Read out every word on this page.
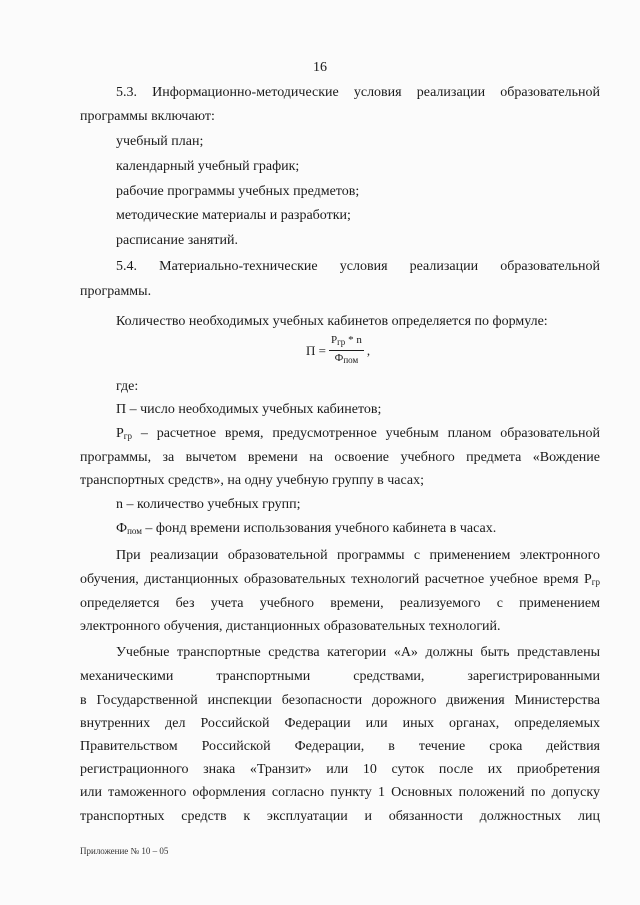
16
5.3. Информационно-методические условия реализации образовательной
программы включают:
учебный план;
календарный учебный график;
рабочие программы учебных предметов;
методические материалы и разработки;
расписание занятий.
5.4. Материально-технические условия реализации образовательной
программы.
Количество необходимых учебных кабинетов определяется по формуле:
$П = \frac{Р_{гр} * n}{Ф_{пом}}$ ,
где:
П – число необходимых учебных кабинетов;
$Р_{гр}$ – расчетное время, предусмотренное учебным планом образовательной
программы, за вычетом времени на освоение учебного предмета «Вождение
транспортных средств», на одну учебную группу в часах;
n – количество учебных групп;
$Ф_{пом}$ – фонд времени использования учебного кабинета в часах.
При реализации образовательной программы с применением электронного
обучения, дистанционных образовательных технологий расчетное учебное время $Р_{гр}$
определяется без учета учебного времени, реализуемого с применением
электронного обучения, дистанционных образовательных технологий.
Учебные транспортные средства категории «А» должны быть представлены
механическими транспортными средствами, зарегистрированными
в Государственной инспекции безопасности дорожного движения Министерства
внутренних дел Российской Федерации или иных органах, определяемых
Правительством Российской Федерации, в течение срока действия
регистрационного знака «Транзит» или 10 суток после их приобретения
или таможенного оформления согласно пункту 1 Основных положений по допуску
транспортных средств к эксплуатации и обязанности должностных лиц
Приложение № 10 – 05
